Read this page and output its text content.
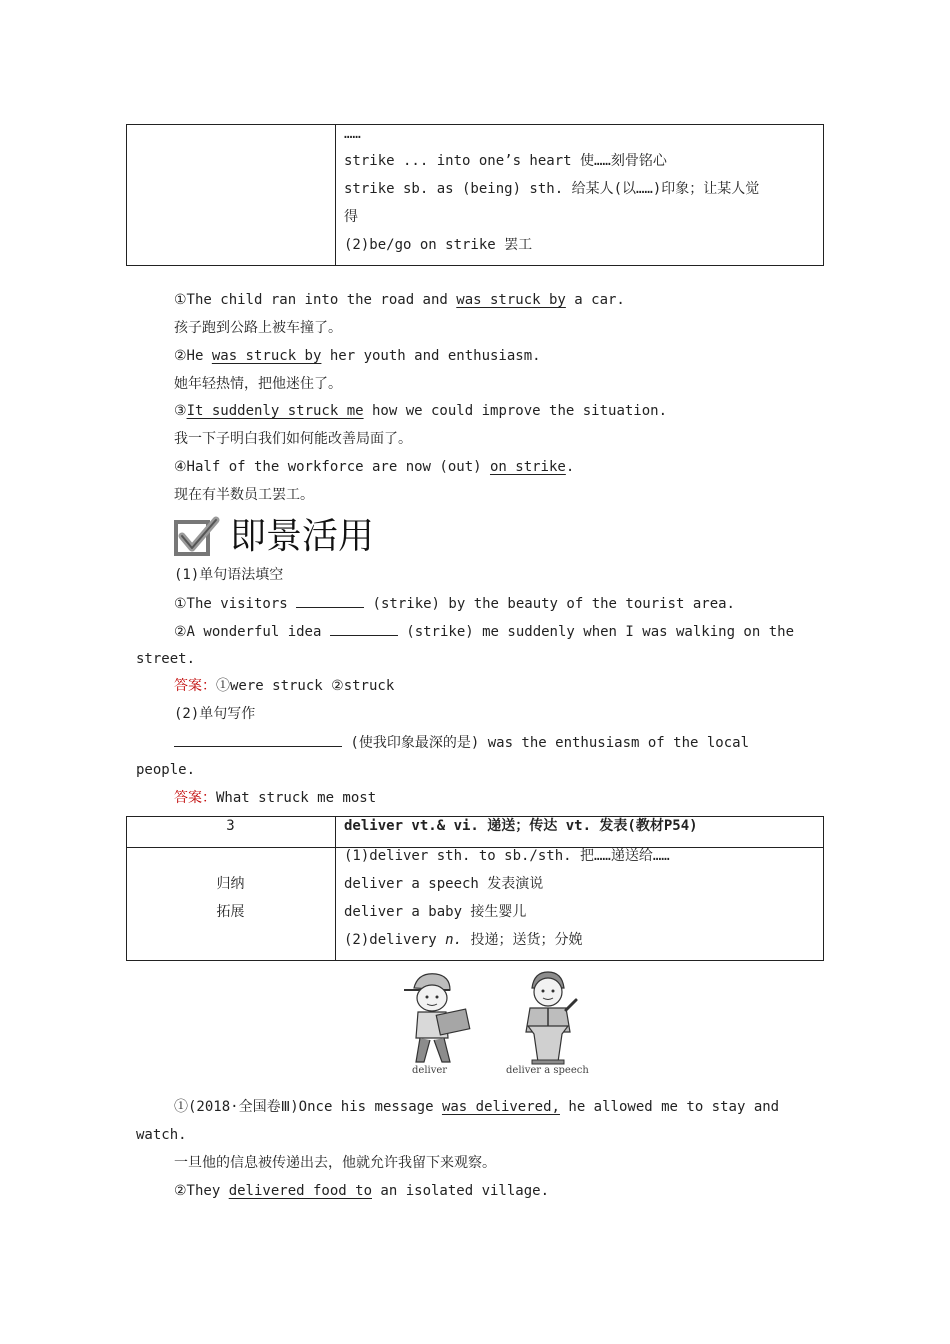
……
strike ... into one’s heart 使……刻骨铭心
strike sb. as (being) sth. 给某人(以……)印象；让某人觉
得
(2)be/go on strike 罢工
①The child ran into the road and was struck by a car.
孩子跑到公路上被车撞了。
②He was struck by her youth and enthusiasm.
她年轻热情，把他迷住了。
③It suddenly struck me how we could improve the situation.
我一下子明白我们如何能改善局面了。
④Half of the workforce are now (out) on strike.
现在有半数员工罢工。
即景活用
(1)单句语法填空
①The visitors	(strike) by the beauty of the tourist area.
②A wonderful idea	(strike) me suddenly when I was walking on the
street.
答案：①were struck ②struck
(2)单句写作
(使我印象最深的是) was the enthusiasm of the local
people.
答案：What struck me most
3	deliver vt.& vi. 递送；传达 vt. 发表(教材P54)
归纳
拓展
(1)deliver sth. to sb./sth. 把……递送给……
deliver a speech 发表演说
deliver a baby 接生婴儿
(2)delivery n. 投递；送货；分娩
deliver	deliver a speech
①(2018·全国卷Ⅲ)Once his message was delivered, he allowed me to stay and
watch.
一旦他的信息被传递出去，他就允许我留下来观察。
②They delivered food to an isolated village.
